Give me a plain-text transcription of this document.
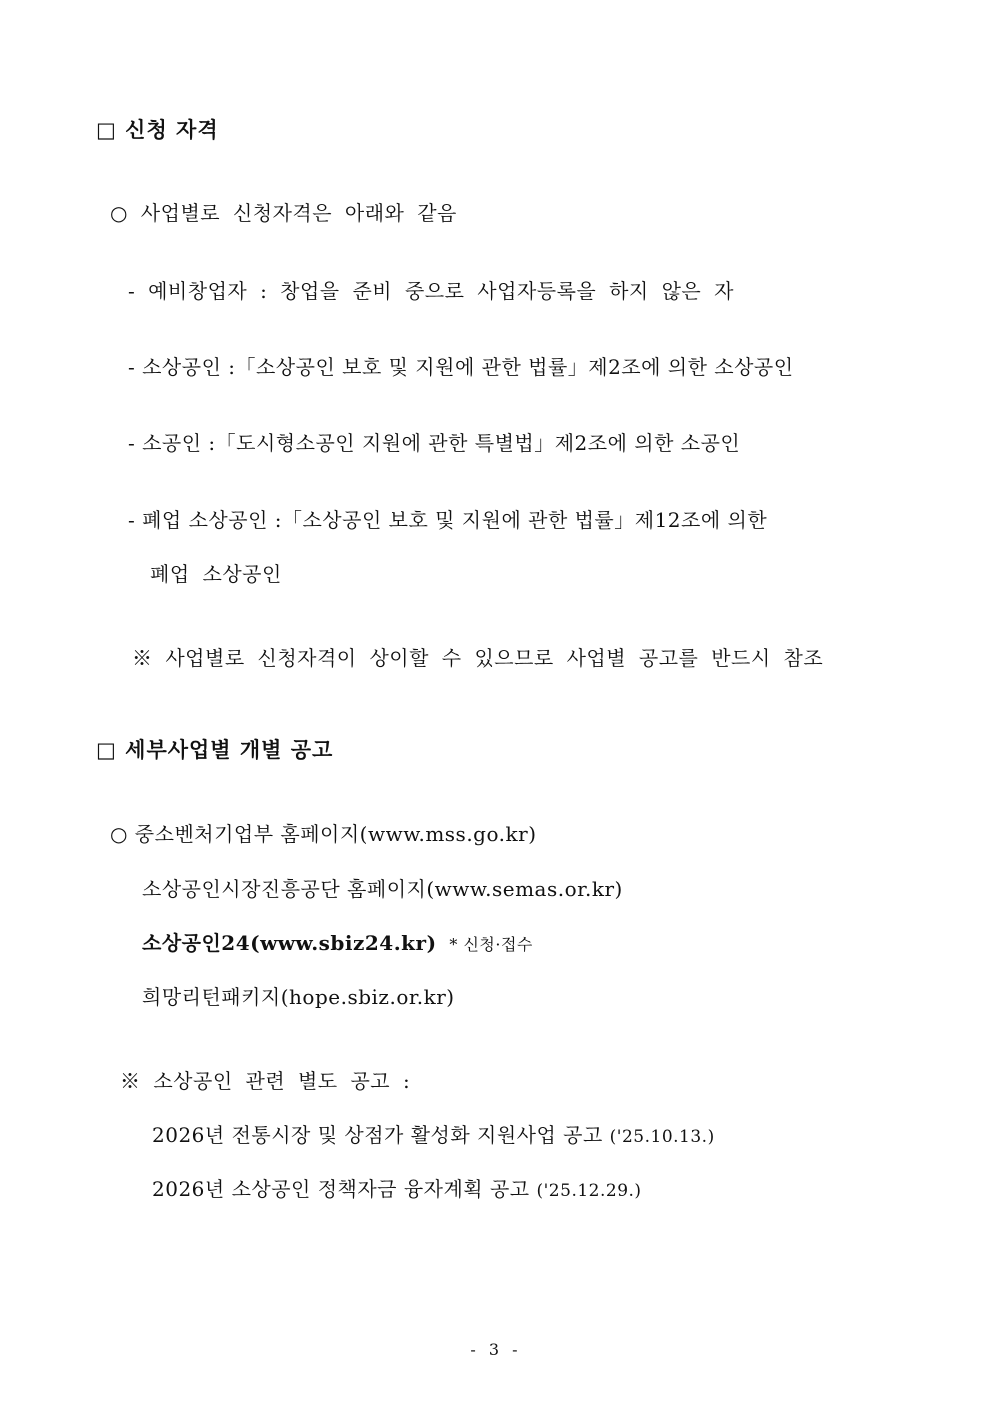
□ 신청 자격
○ 사업별로 신청자격은 아래와 같음
- 예비창업자 : 창업을 준비 중으로 사업자등록을 하지 않은 자
- 소상공인 :「소상공인 보호 및 지원에 관한 법률」제2조에 의한 소상공인
- 소공인 :「도시형소공인 지원에 관한 특별법」제2조에 의한 소공인
- 폐업 소상공인 :「소상공인 보호 및 지원에 관한 법률」제12조에 의한
폐업 소상공인
※ 사업별로 신청자격이 상이할 수 있으므로 사업별 공고를 반드시 참조
□ 세부사업별 개별 공고
○ 중소벤처기업부 홈페이지(www.mss.go.kr)
소상공인시장진흥공단 홈페이지(www.semas.or.kr)
소상공인24(www.sbiz24.kr) * 신청·접수
희망리턴패키지(hope.sbiz.or.kr)
※ 소상공인 관련 별도 공고 :
2026년 전통시장 및 상점가 활성화 지원사업 공고 ('25.10.13.)
2026년 소상공인 정책자금 융자계획 공고 ('25.12.29.)
- 3 -
